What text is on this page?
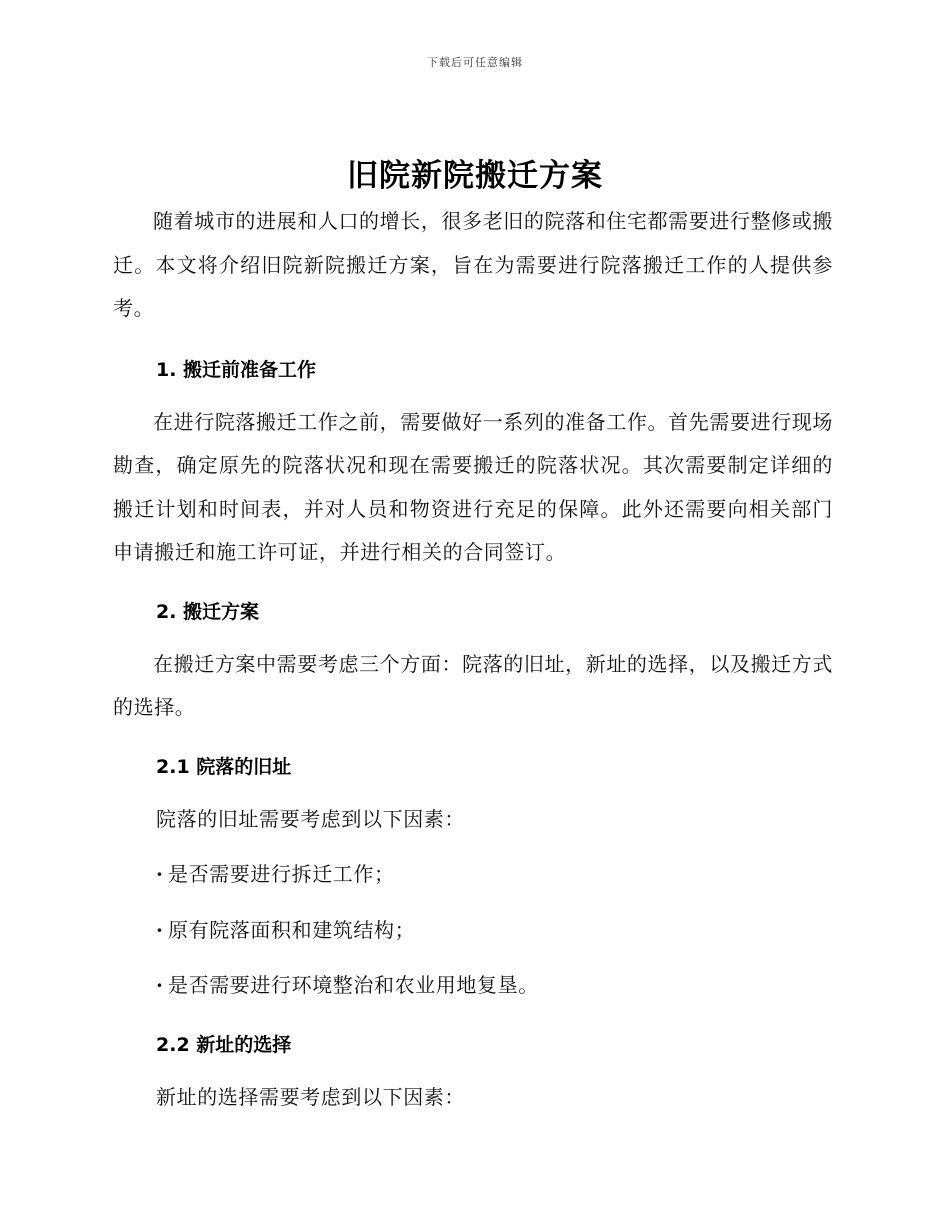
下载后可任意编辑
旧院新院搬迁方案

随着城市的进展和人口的增长，很多老旧的院落和住宅都需要进行整修或搬迁。本文将介绍旧院新院搬迁方案，旨在为需要进行院落搬迁工作的人提供参考。

1. 搬迁前准备工作

在进行院落搬迁工作之前，需要做好一系列的准备工作。首先需要进行现场勘查，确定原先的院落状况和现在需要搬迁的院落状况。其次需要制定详细的搬迁计划和时间表，并对人员和物资进行充足的保障。此外还需要向相关部门申请搬迁和施工许可证，并进行相关的合同签订。

2. 搬迁方案

在搬迁方案中需要考虑三个方面：院落的旧址，新址的选择，以及搬迁方式的选择。

2.1 院落的旧址

院落的旧址需要考虑到以下因素：

· 是否需要进行拆迁工作；
· 原有院落面积和建筑结构；
· 是否需要进行环境整治和农业用地复垦。
2.2 新址的选择

新址的选择需要考虑到以下因素：
